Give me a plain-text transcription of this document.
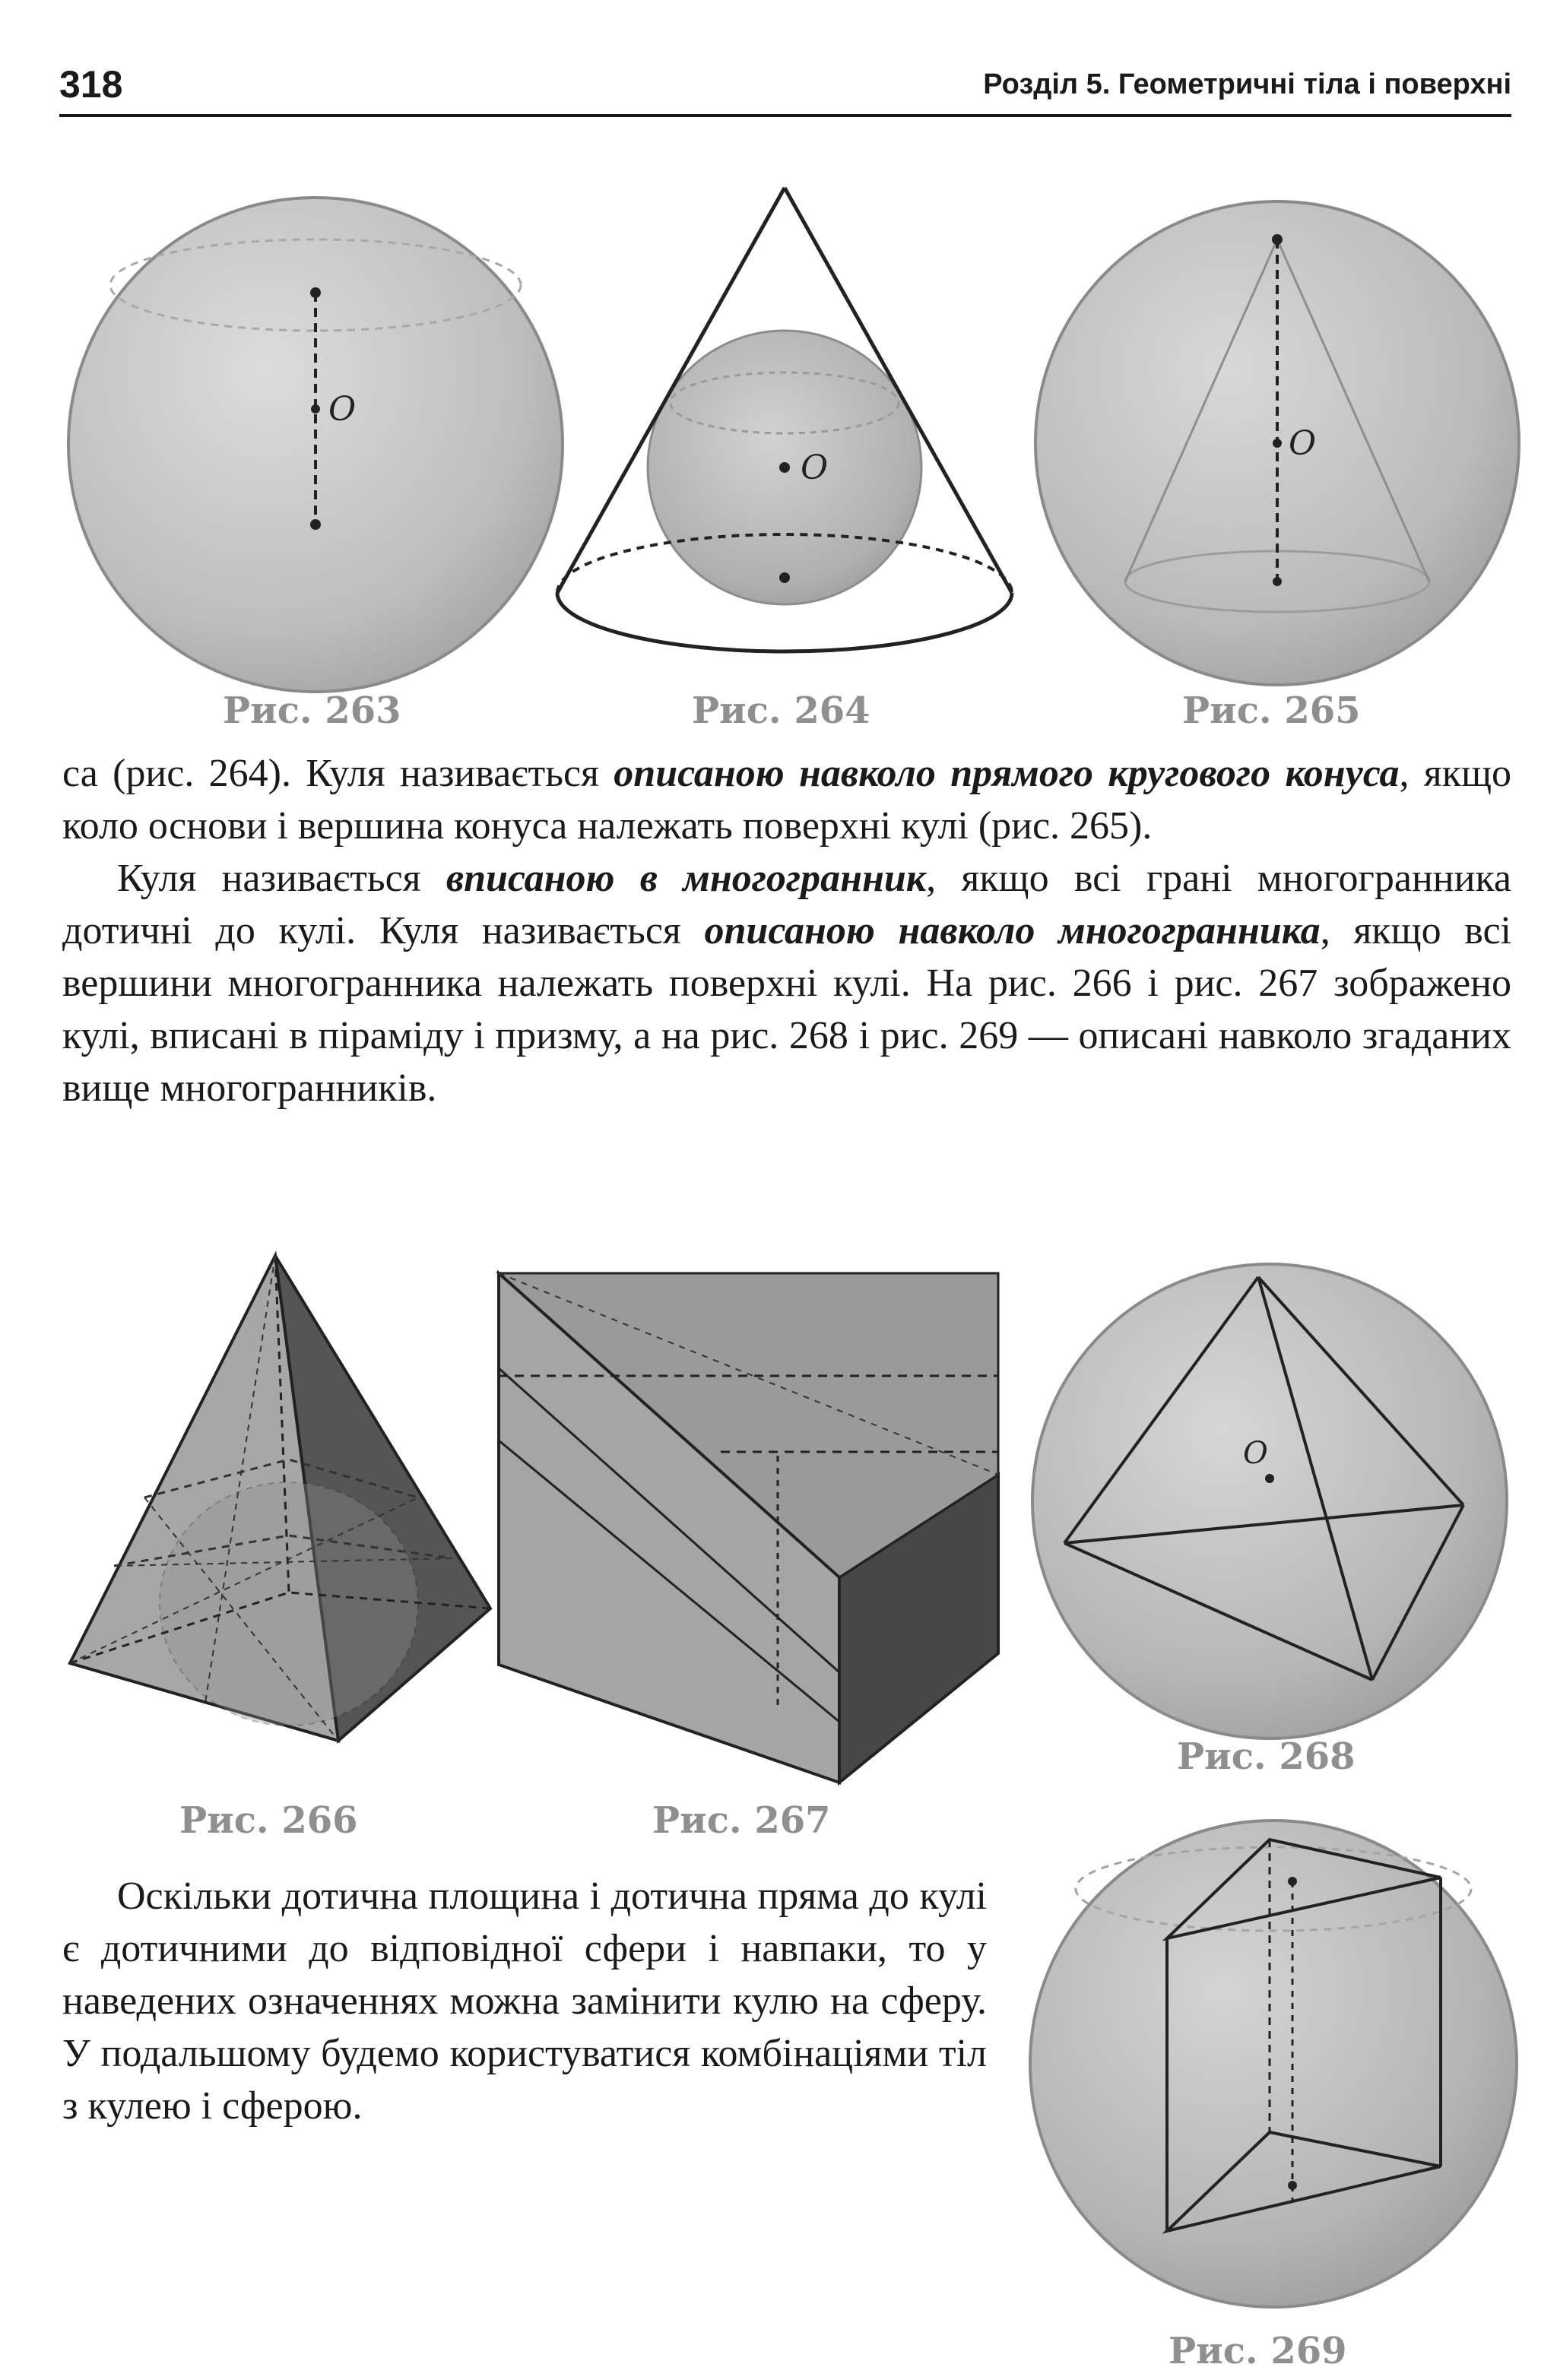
318	Розділ 5. Геометричні тіла і поверхні
O
Рис. 263
O
Рис. 264
O
Рис. 265

са (рис. 264). Куля називається описаною навколо прямого кругового конуса, якщо коло основи і вершина конуса належать поверхні кулі (рис. 265).

Куля називається вписаною в многогранник, якщо всі грані многогранника дотичні до кулі. Куля називається описаною навколо многогранника, якщо всі вершини многогранника належать поверхні кулі. На рис. 266 і рис. 267 зображено кулі, вписані в піраміду і призму, а на рис. 268 і рис. 269 — описані навколо згаданих вище многогранників.

Рис. 266	Рис. 267
O
Рис. 268

Оскільки дотична площина і дотична пряма до кулі є дотичними до відповідної сфери і навпаки, то у наведених означеннях можна замінити кулю на сферу. У подальшому будемо користуватися комбінаціями тіл з кулею і сферою.

Рис. 269
